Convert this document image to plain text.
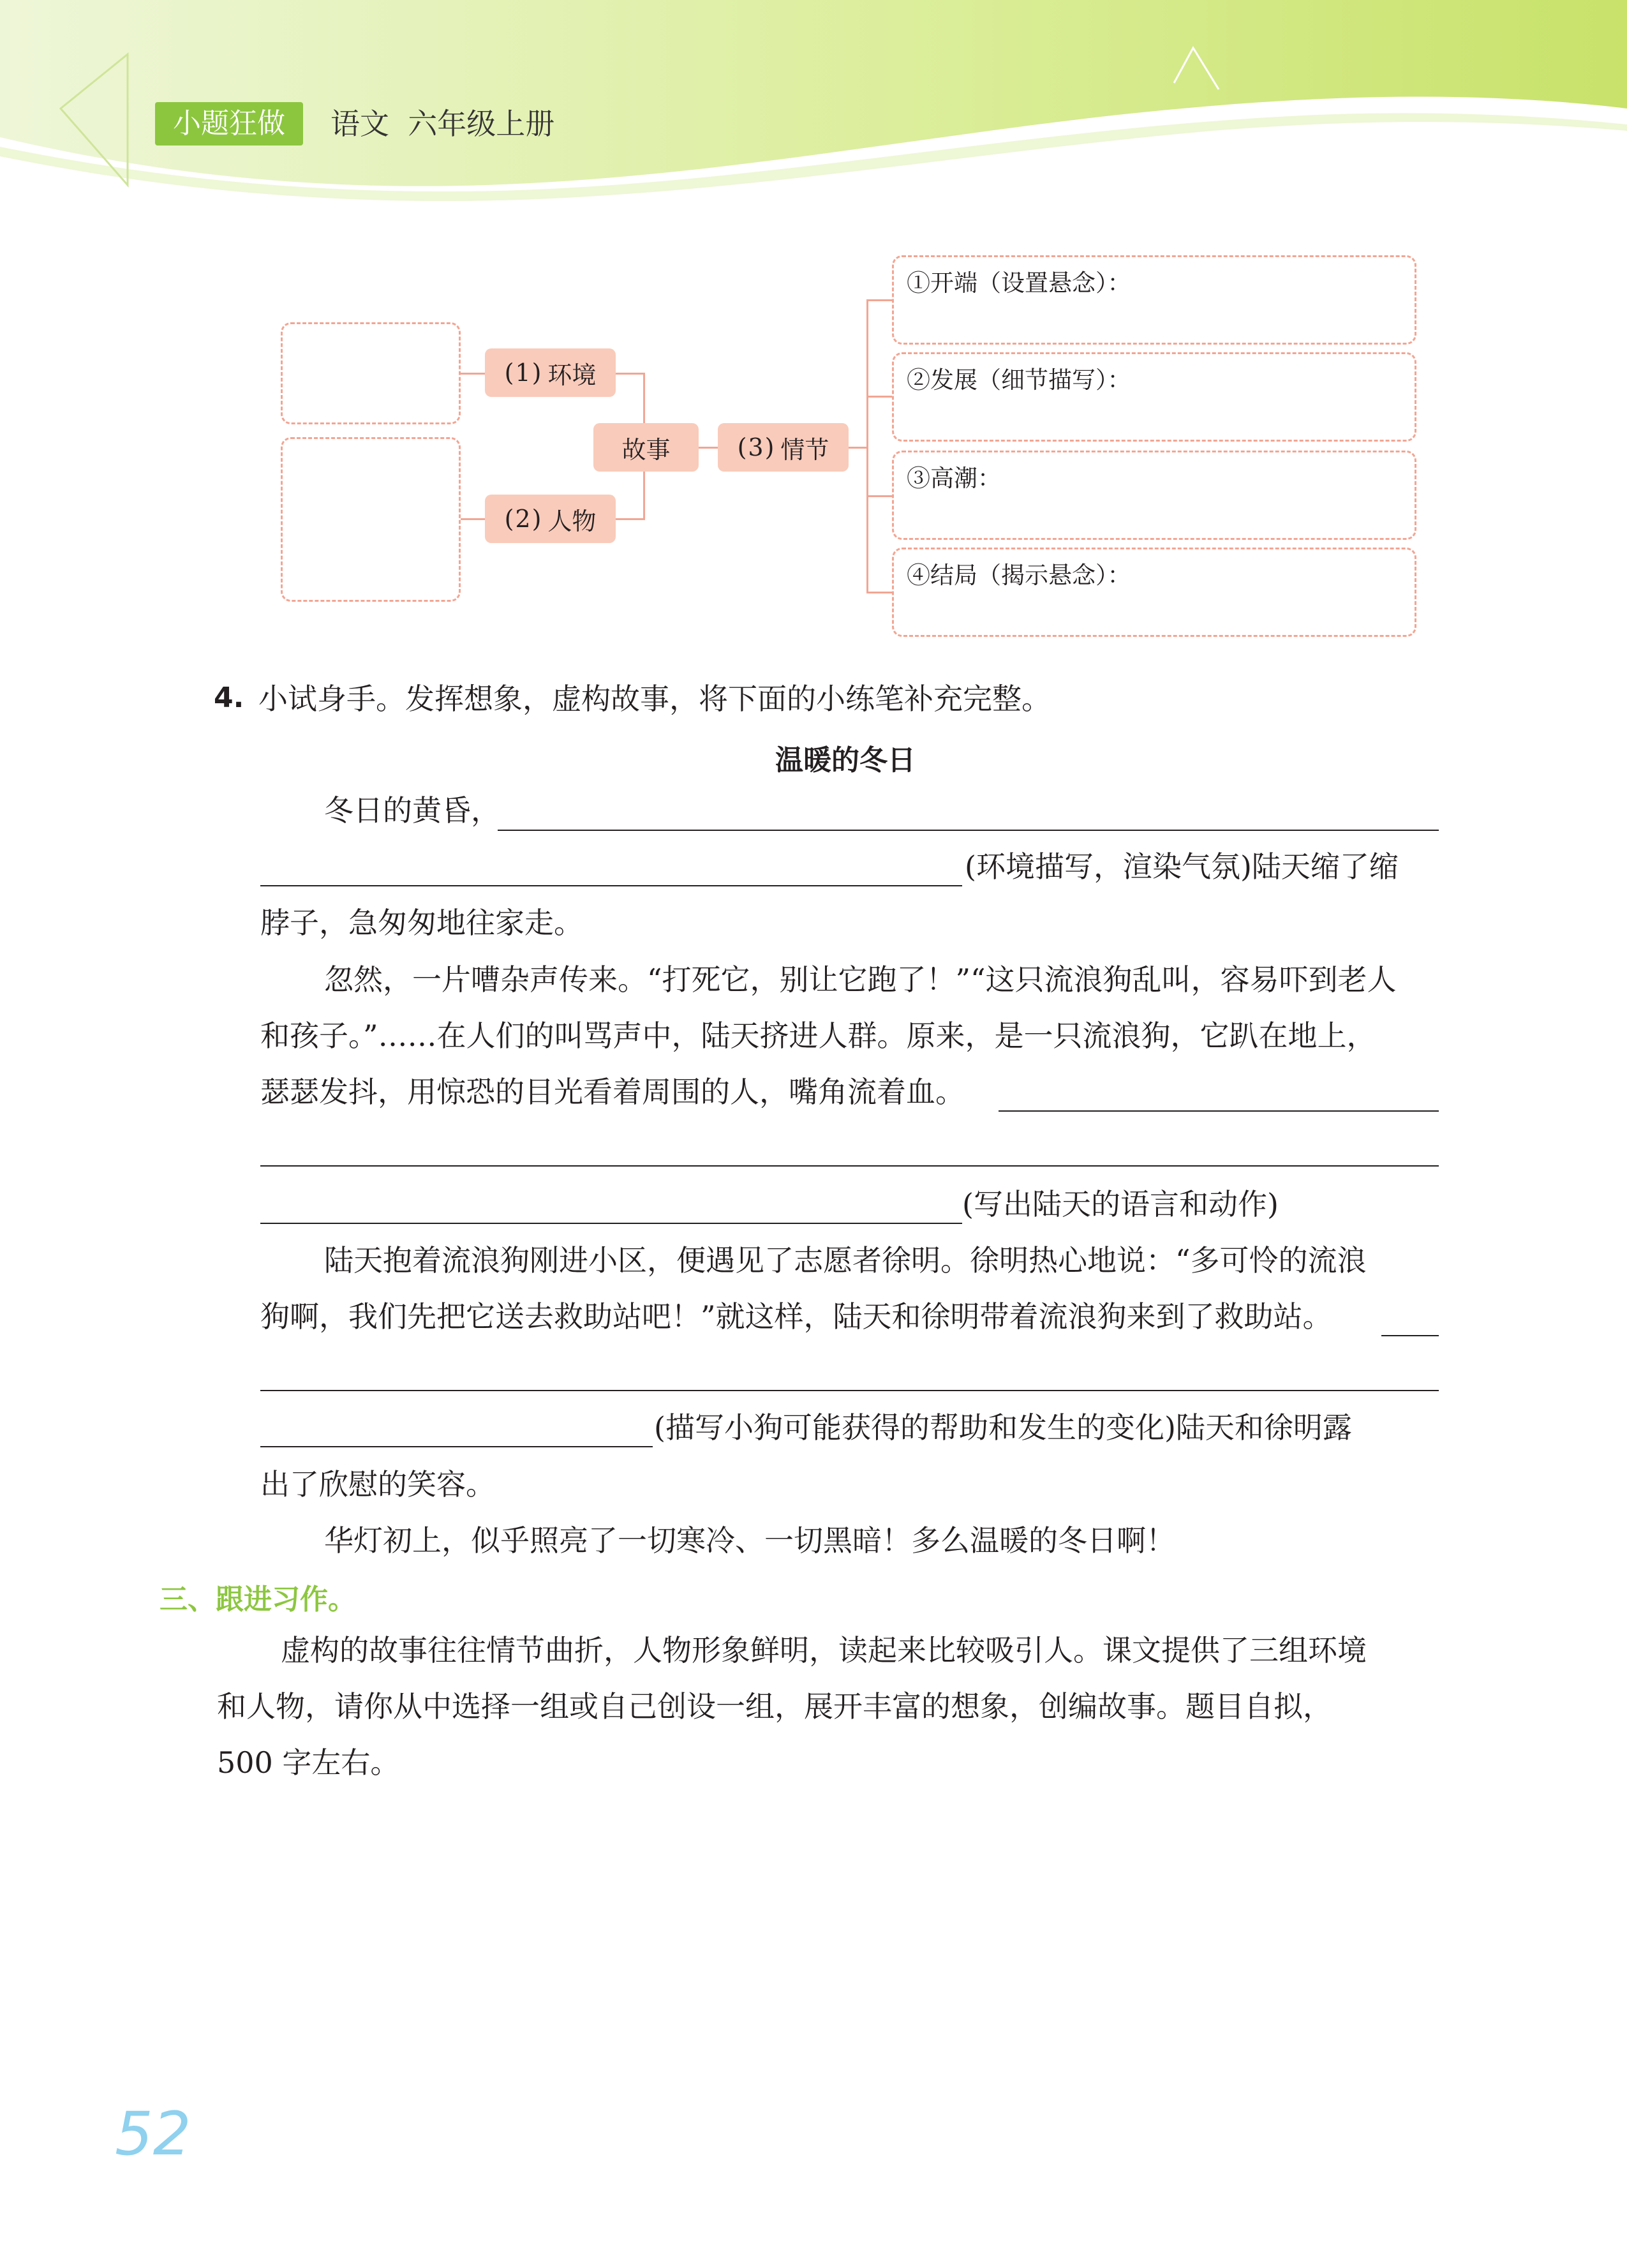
小题狂做	语文  六年级上册
(1) 环境
(2) 人物
故事	(3) 情节
①开端（设置悬念）：
②发展（细节描写）：
③高潮：
④结局（揭示悬念）：
4. 小试身手。发挥想象，虚构故事，将下面的小练笔补充完整。
温暖的冬日
冬日的黄昏，
(环境描写，渲染气氛)陆天缩了缩
脖子，急匆匆地往家走。
忽然，一片嘈杂声传来。“打死它，别让它跑了！”“这只流浪狗乱叫，容易吓到老人
和孩子。”……在人们的叫骂声中，陆天挤进人群。原来，是一只流浪狗，它趴在地上，
瑟瑟发抖，用惊恐的目光看着周围的人，嘴角流着血。
(写出陆天的语言和动作)
陆天抱着流浪狗刚进小区，便遇见了志愿者徐明。徐明热心地说：“多可怜的流浪
狗啊，我们先把它送去救助站吧！”就这样，陆天和徐明带着流浪狗来到了救助站。
(描写小狗可能获得的帮助和发生的变化)陆天和徐明露
出了欣慰的笑容。
华灯初上，似乎照亮了一切寒冷、一切黑暗！多么温暖的冬日啊！
三、跟进习作。
虚构的故事往往情节曲折，人物形象鲜明，读起来比较吸引人。课文提供了三组环境
和人物，请你从中选择一组或自己创设一组，展开丰富的想象，创编故事。题目自拟，
500 字左右。
52
